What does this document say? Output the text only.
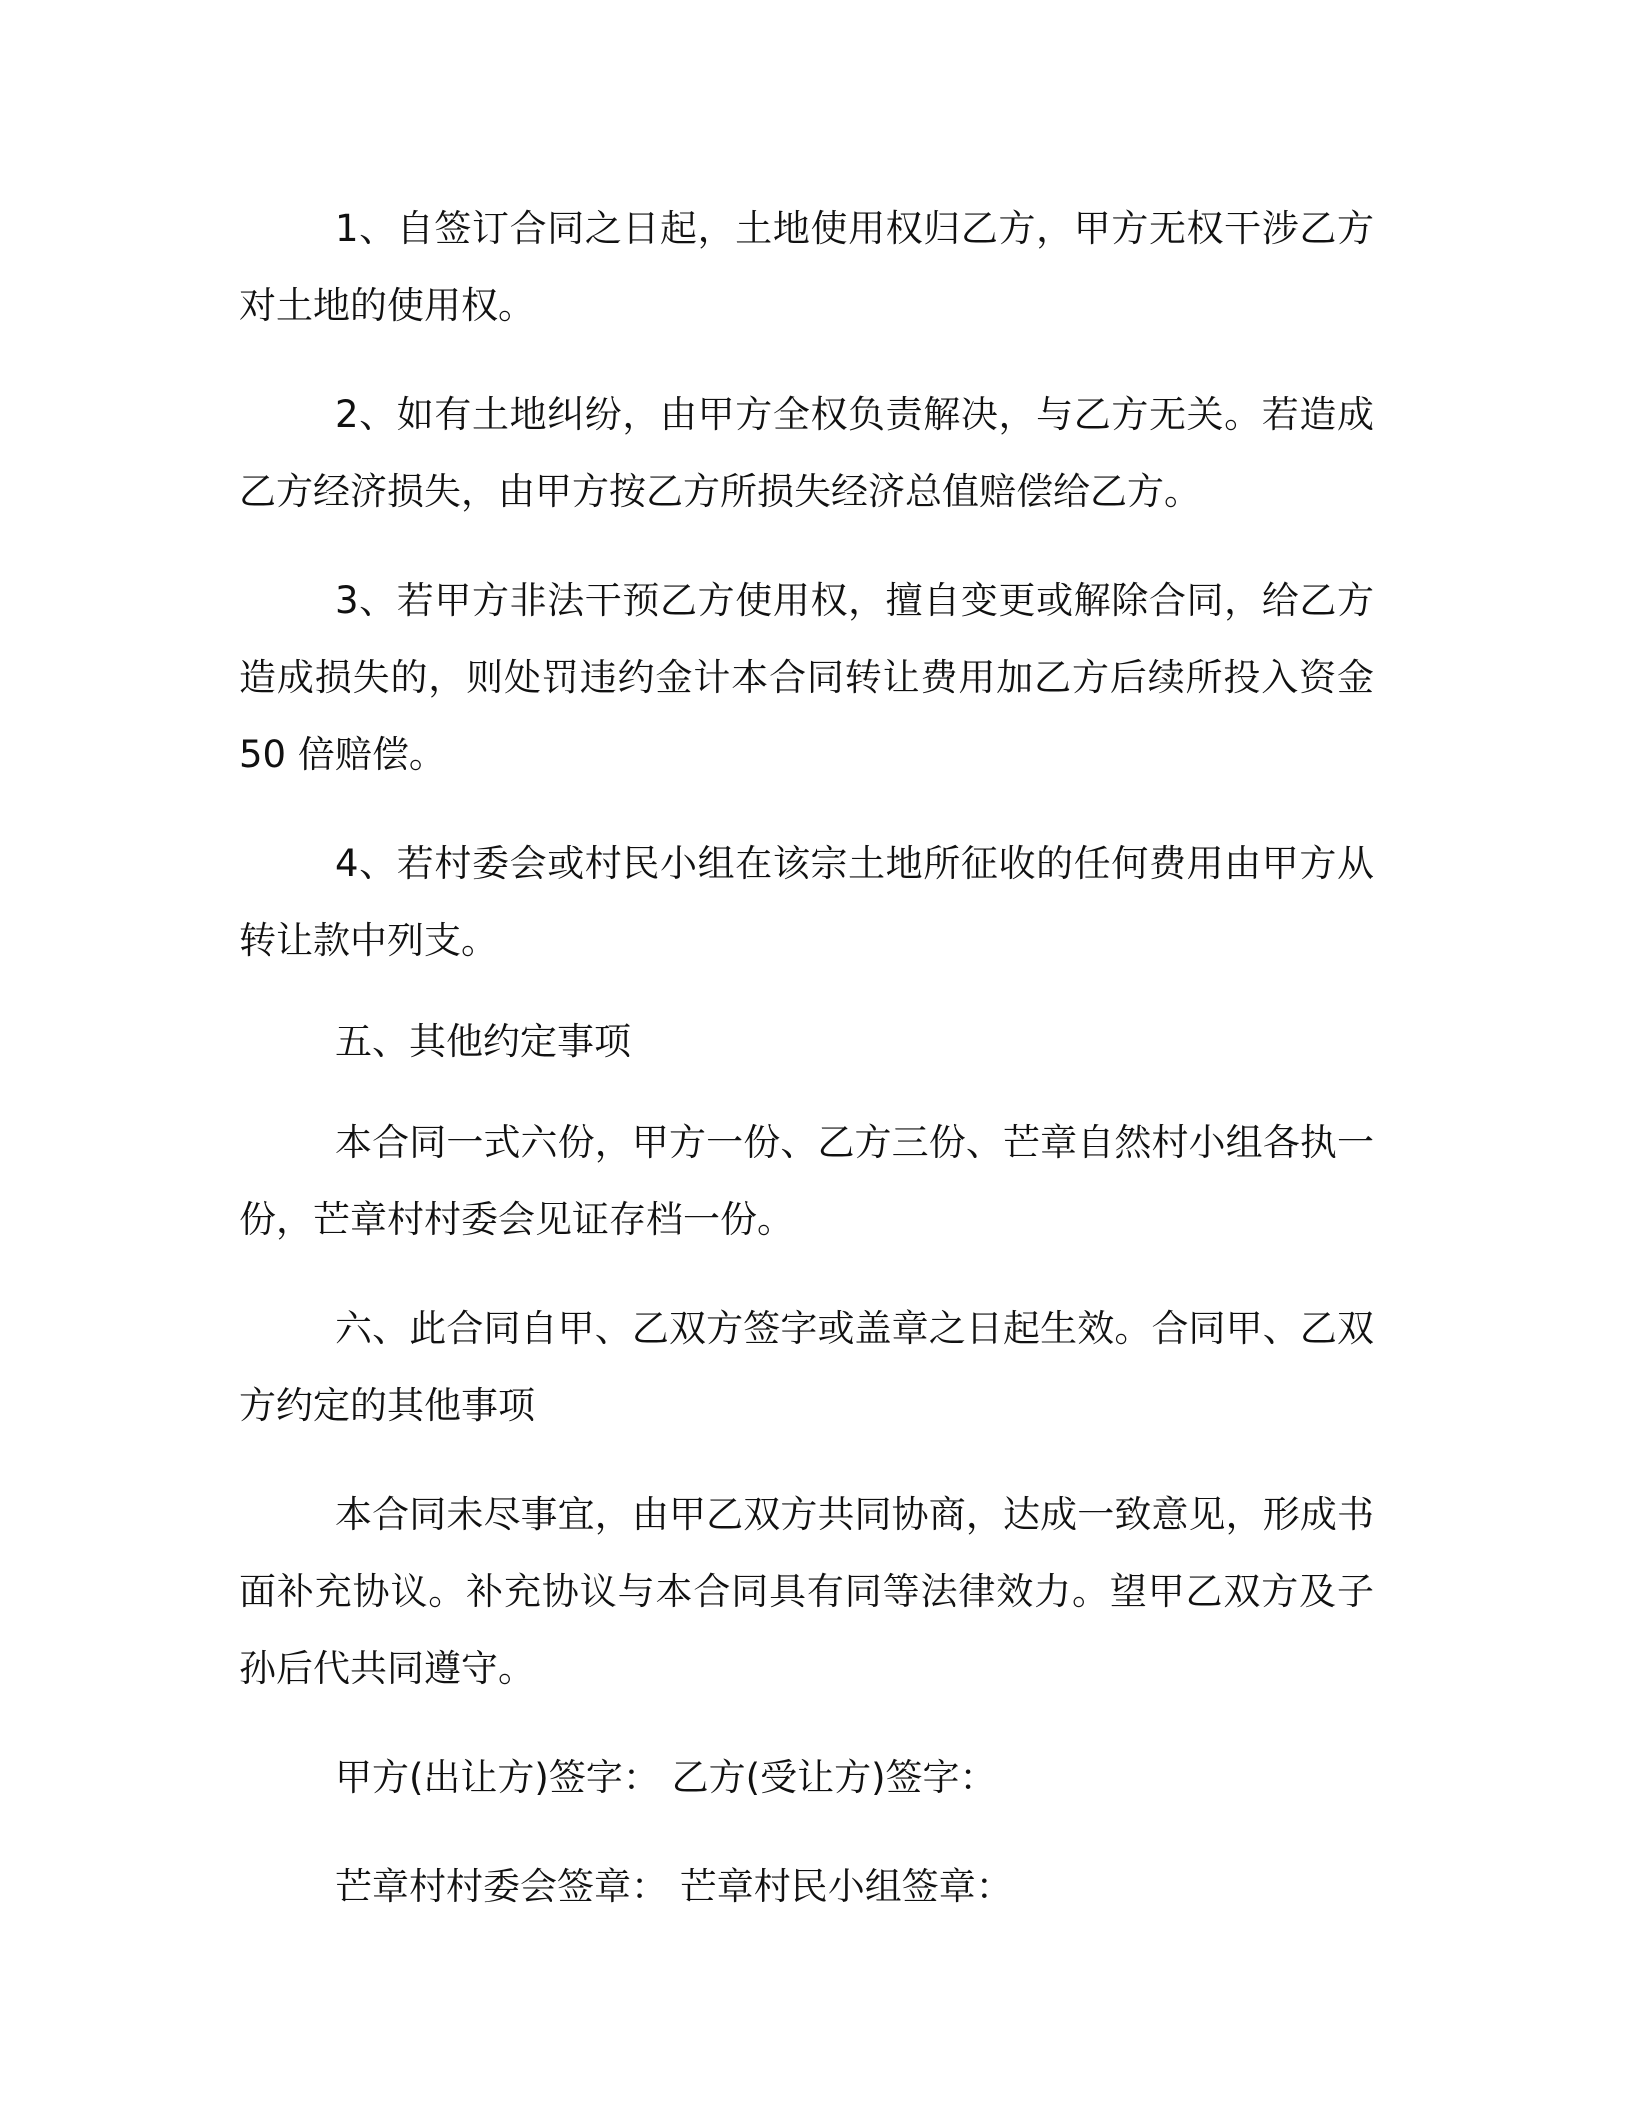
1、自签订合同之日起，土地使用权归乙方，甲方无权干涉乙方对土地的使用权。

2、如有土地纠纷，由甲方全权负责解决，与乙方无关。若造成乙方经济损失，由甲方按乙方所损失经济总值赔偿给乙方。

3、若甲方非法干预乙方使用权，擅自变更或解除合同，给乙方造成损失的，则处罚违约金计本合同转让费用加乙方后续所投入资金 50 倍赔偿。

4、若村委会或村民小组在该宗土地所征收的任何费用由甲方从转让款中列支。

五、其他约定事项

本合同一式六份，甲方一份、乙方三份、芒章自然村小组各执一份，芒章村村委会见证存档一份。

六、此合同自甲、乙双方签字或盖章之日起生效。合同甲、乙双方约定的其他事项

本合同未尽事宜，由甲乙双方共同协商，达成一致意见，形成书面补充协议。补充协议与本合同具有同等法律效力。望甲乙双方及子孙后代共同遵守。

甲方(出让方)签字： 乙方(受让方)签字：

芒章村村委会签章： 芒章村民小组签章：
